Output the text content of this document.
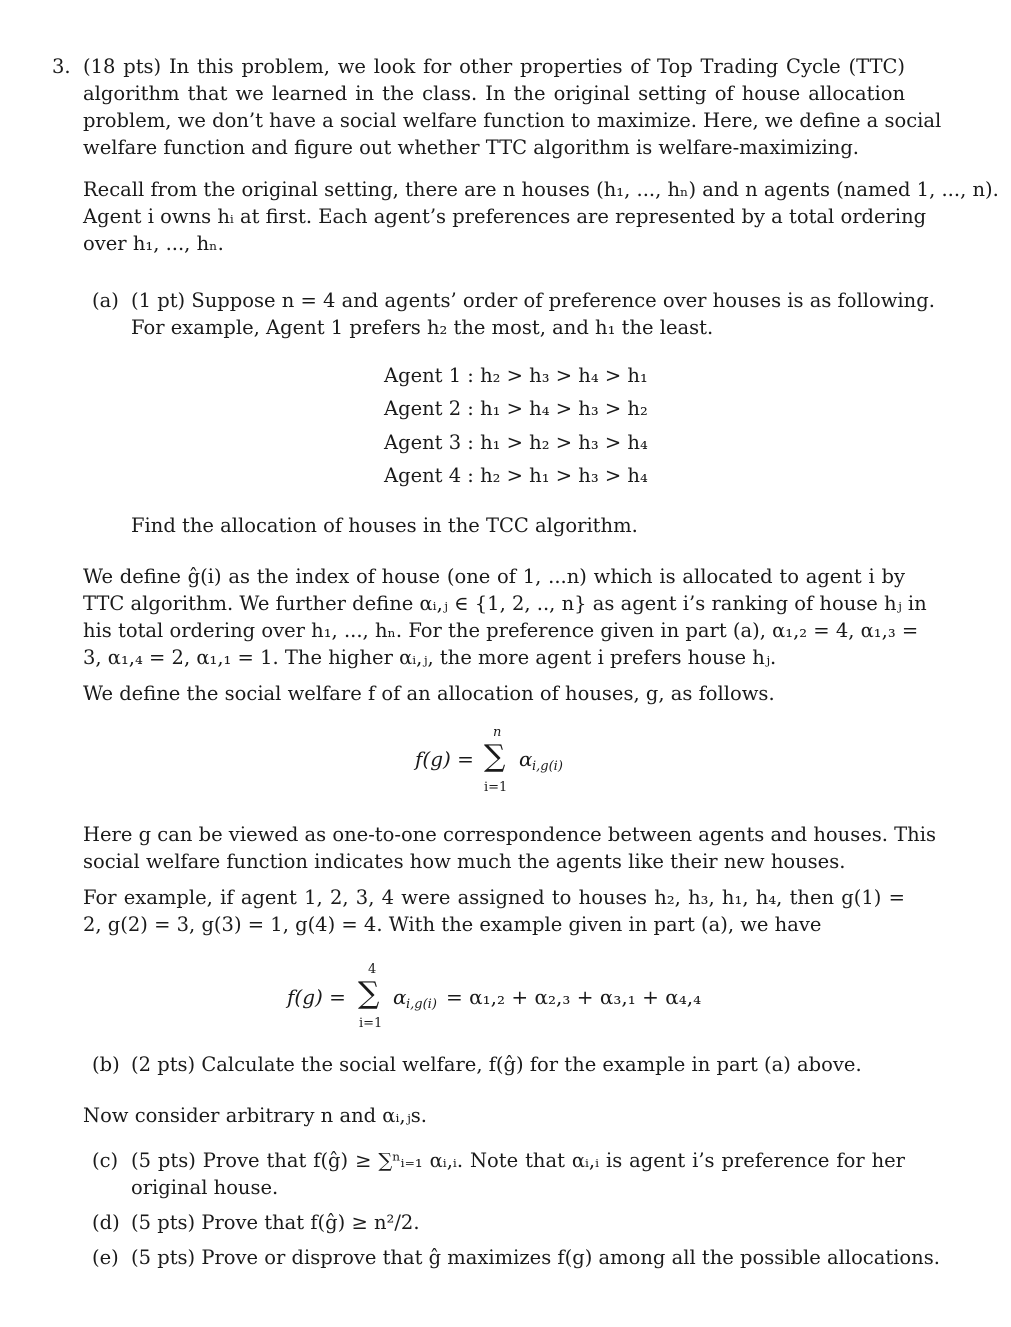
3. (18 pts) In this problem, we look for other properties of Top Trading Cycle (TTC)
algorithm that we learned in the class. In the original setting of house allocation
problem, we don’t have a social welfare function to maximize. Here, we define a social
welfare function and figure out whether TTC algorithm is welfare-maximizing.
Recall from the original setting, there are n houses (h₁, ..., hₙ) and n agents (named 1, ..., n).
Agent i owns hᵢ at first. Each agent’s preferences are represented by a total ordering
over h₁, ..., hₙ.
(a) (1 pt) Suppose n = 4 and agents’ order of preference over houses is as following.
For example, Agent 1 prefers h₂ the most, and h₁ the least.
Agent 1 : h₂ > h₃ > h₄ > h₁
Agent 2 : h₁ > h₄ > h₃ > h₂
Agent 3 : h₁ > h₂ > h₃ > h₄
Agent 4 : h₂ > h₁ > h₃ > h₄
Find the allocation of houses in the TCC algorithm.
We define ĝ(i) as the index of house (one of 1, ...n) which is allocated to agent i by
TTC algorithm. We further define αᵢ,ⱼ ∈ {1, 2, .., n} as agent i’s ranking of house hⱼ in
his total ordering over h₁, ..., hₙ. For the preference given in part (a), α₁,₂ = 4, α₁,₃ =
3, α₁,₄ = 2, α₁,₁ = 1. The higher αᵢ,ⱼ, the more agent i prefers house hⱼ.
We define the social welfare f of an allocation of houses, g, as follows.
f(g) =
n
∑
i=1
α i,g(i)
Here g can be viewed as one-to-one correspondence between agents and houses. This
social welfare function indicates how much the agents like their new houses.
For example, if agent 1, 2, 3, 4 were assigned to houses h₂, h₃, h₁, h₄, then g(1) =
2, g(2) = 3, g(3) = 1, g(4) = 4. With the example given in part (a), we have
f(g) =
4
∑
i=1
α i,g(i) = α₁,₂ + α₂,₃ + α₃,₁ + α₄,₄
(b) (2 pts) Calculate the social welfare, f(ĝ) for the example in part (a) above.
Now consider arbitrary n and αᵢ,ⱼs.
(c) (5 pts) Prove that f(ĝ) ≥ ∑ⁿᵢ₌₁ αᵢ,ᵢ. Note that αᵢ,ᵢ is agent i’s preference for her
original house.
(d) (5 pts) Prove that f(ĝ) ≥ n²/2.
(e) (5 pts) Prove or disprove that ĝ maximizes f(g) among all the possible allocations.
